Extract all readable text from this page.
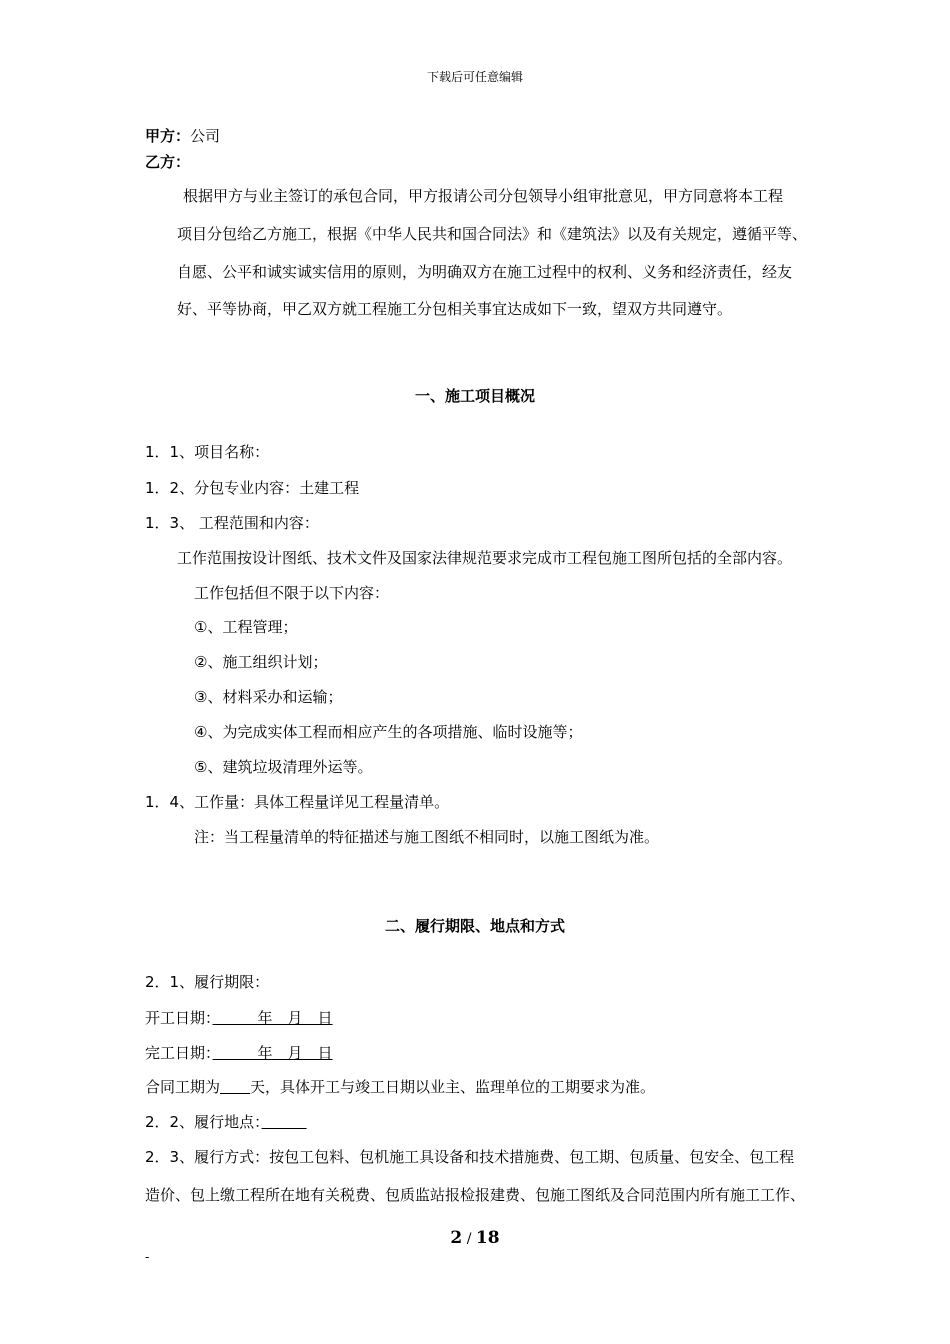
下载后可任意编辑
甲方：公司
乙方：
根据甲方与业主签订的承包合同，甲方报请公司分包领导小组审批意见，甲方同意将本工程
项目分包给乙方施工，根据《中华人民共和国合同法》和《建筑法》以及有关规定，遵循平等、
自愿、公平和诚实诚实信用的原则，为明确双方在施工过程中的权利、义务和经济责任，经友
好、平等协商，甲乙双方就工程施工分包相关事宜达成如下一致，望双方共同遵守。
一、施工项目概况
1．1、项目名称：
1．2、分包专业内容：土建工程
1．3、 工程范围和内容：
工作范围按设计图纸、技术文件及国家法律规范要求完成市工程包施工图所包括的全部内容。
工作包括但不限于以下内容：
①、工程管理；
②、施工组织计划；
③、材料采办和运输；
④、为完成实体工程而相应产生的各项措施、临时设施等；
⑤、建筑垃圾清理外运等。
1．4、工作量：具体工程量详见工程量清单。
注：当工程量清单的特征描述与施工图纸不相同时，以施工图纸为准。
二、履行期限、地点和方式
2．1、履行期限：
开工日期：　　　年　月　日
完工日期：　　　年　月　日
合同工期为　　 天，具体开工与竣工日期以业主、监理单位的工期要求为准。
2．2、履行地点：　　　
2．3、履行方式：按包工包料、包机施工具设备和技术措施费、包工期、包质量、包安全、包工程
造价、包上缴工程所在地有关税费、包质监站报检报建费、包施工图纸及合同范围内所有施工工作、
2 / 18
-
